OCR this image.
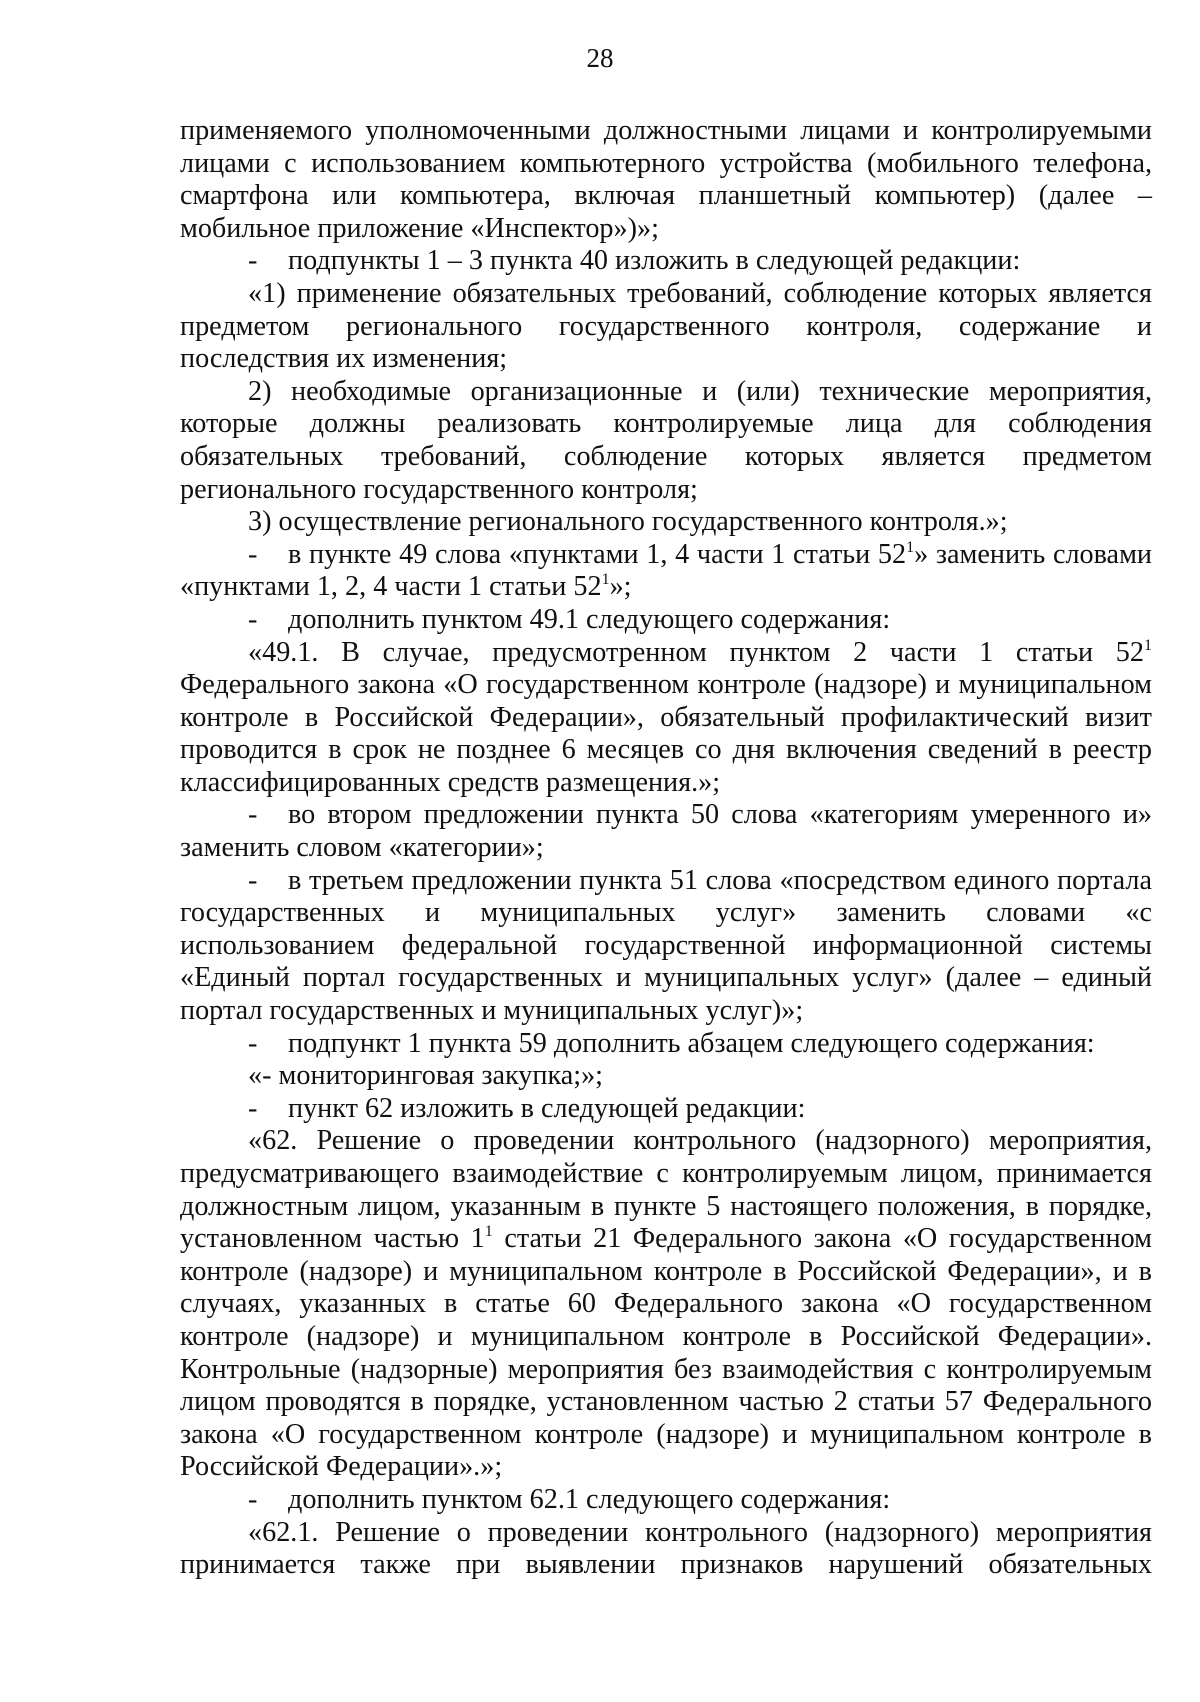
28

применяемого уполномоченными должностными лицами и контролируемыми лицами с использованием компьютерного устройства (мобильного телефона, смартфона или компьютера, включая планшетный компьютер) (далее – мобильное приложение «Инспектор»)»;

- подпункты 1 – 3 пункта 40 изложить в следующей редакции:

«1) применение обязательных требований, соблюдение которых является предметом регионального государственного контроля, содержание и последствия их изменения;

2) необходимые организационные и (или) технические мероприятия, которые должны реализовать контролируемые лица для соблюдения обязательных требований, соблюдение которых является предметом регионального государственного контроля;

3) осуществление регионального государственного контроля.»;

- в пункте 49 слова «пунктами 1, 4 части 1 статьи $52^1$» заменить словами «пунктами 1, 2, 4 части 1 статьи $52^1$»;

- дополнить пунктом 49.1 следующего содержания:

«49.1. В случае, предусмотренном пунктом 2 части 1 статьи $52^1$ Федерального закона «О государственном контроле (надзоре) и муниципальном контроле в Российской Федерации», обязательный профилактический визит проводится в срок не позднее 6 месяцев со дня включения сведений в реестр классифицированных средств размещения.»;

- во втором предложении пункта 50 слова «категориям умеренного и» заменить словом «категории»;

- в третьем предложении пункта 51 слова «посредством единого портала государственных и муниципальных услуг» заменить словами «с использованием федеральной государственной информационной системы «Единый портал государственных и муниципальных услуг» (далее – единый портал государственных и муниципальных услуг)»;

- подпункт 1 пункта 59 дополнить абзацем следующего содержания:

«- мониторинговая закупка;»;

- пункт 62 изложить в следующей редакции:

«62. Решение о проведении контрольного (надзорного) мероприятия, предусматривающего взаимодействие с контролируемым лицом, принимается должностным лицом, указанным в пункте 5 настоящего положения, в порядке, установленном частью $1^1$ статьи 21 Федерального закона «О государственном контроле (надзоре) и муниципальном контроле в Российской Федерации», и в случаях, указанных в статье 60 Федерального закона «О государственном контроле (надзоре) и муниципальном контроле в Российской Федерации». Контрольные (надзорные) мероприятия без взаимодействия с контролируемым лицом проводятся в порядке, установленном частью 2 статьи 57 Федерального закона «О государственном контроле (надзоре) и муниципальном контроле в Российской Федерации».»;

- дополнить пунктом 62.1 следующего содержания:

«62.1. Решение о проведении контрольного (надзорного) мероприятия принимается также при выявлении признаков нарушений обязательных
